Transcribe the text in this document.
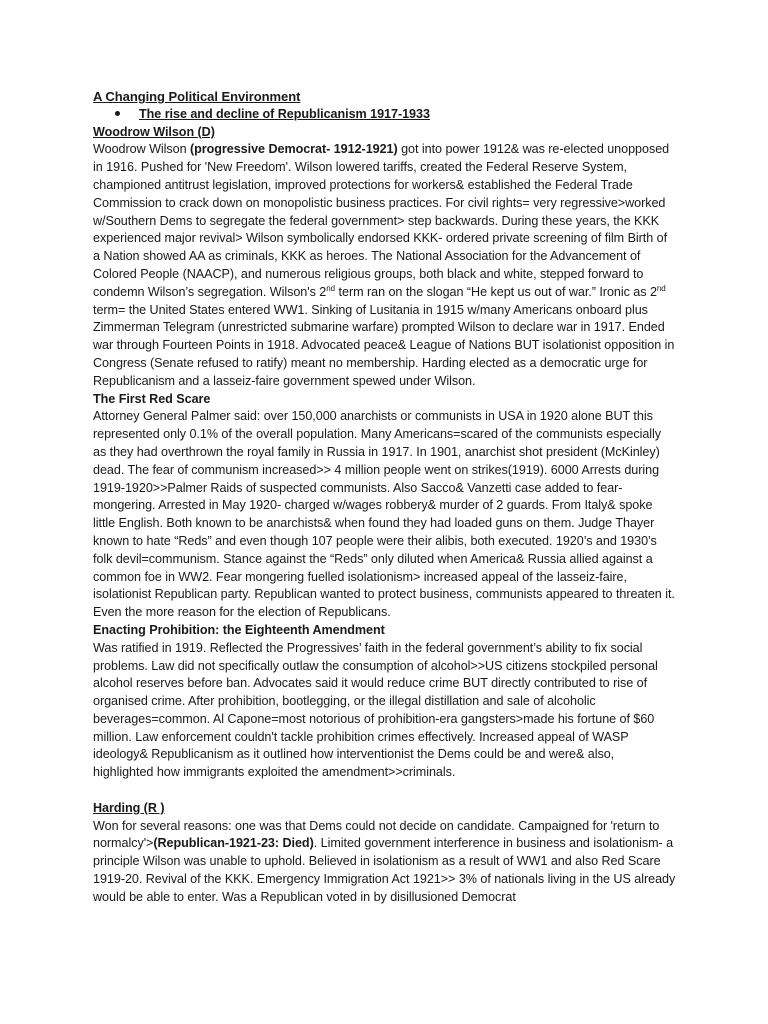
A Changing Political Environment
The rise and decline of Republicanism 1917-1933
Woodrow Wilson (D)

Woodrow Wilson (progressive Democrat- 1912-1921) got into power 1912& was re-elected unopposed in 1916. Pushed for 'New Freedom'. Wilson lowered tariffs, created the Federal Reserve System, championed antitrust legislation, improved protections for workers& established the Federal Trade Commission to crack down on monopolistic business practices. For civil rights= very regressive>worked w/Southern Dems to segregate the federal government> step backwards. During these years, the KKK experienced major revival> Wilson symbolically endorsed KKK- ordered private screening of film Birth of a Nation showed AA as criminals, KKK as heroes. The National Association for the Advancement of Colored People (NAACP), and numerous religious groups, both black and white, stepped forward to condemn Wilson’s segregation. Wilson's 2nd term ran on the slogan “He kept us out of war.” Ironic as 2nd term= the United States entered WW1. Sinking of Lusitania in 1915 w/many Americans onboard plus Zimmerman Telegram (unrestricted submarine warfare) prompted Wilson to declare war in 1917. Ended war through Fourteen Points in 1918. Advocated peace& League of Nations BUT isolationist opposition in Congress (Senate refused to ratify) meant no membership. Harding elected as a democratic urge for Republicanism and a lasseiz-faire government spewed under Wilson.

The First Red Scare

Attorney General Palmer said: over 150,000 anarchists or communists in USA in 1920 alone BUT this represented only 0.1% of the overall population. Many Americans=scared of the communists especially as they had overthrown the royal family in Russia in 1917. In 1901, anarchist shot president (McKinley) dead. The fear of communism increased>> 4 million people went on strikes(1919). 6000 Arrests during 1919-1920>>Palmer Raids of suspected communists. Also Sacco& Vanzetti case added to fear-mongering. Arrested in May 1920- charged w/wages robbery& murder of 2 guards. From Italy& spoke little English. Both known to be anarchists& when found they had loaded guns on them. Judge Thayer known to hate “Reds” and even though 107 people were their alibis, both executed. 1920’s and 1930’s folk devil=communism. Stance against the “Reds” only diluted when America& Russia allied against a common foe in WW2. Fear mongering fuelled isolationism> increased appeal of the lasseiz-faire, isolationist Republican party. Republican wanted to protect business, communists appeared to threaten it. Even the more reason for the election of Republicans.

Enacting Prohibition: the Eighteenth Amendment

Was ratified in 1919. Reflected the Progressives’ faith in the federal government’s ability to fix social problems. Law did not specifically outlaw the consumption of alcohol>>US citizens stockpiled personal alcohol reserves before ban. Advocates said it would reduce crime BUT directly contributed to rise of organised crime. After prohibition, bootlegging, or the illegal distillation and sale of alcoholic beverages=common. Al Capone=most notorious of prohibition-era gangsters>made his fortune of $60 million. Law enforcement couldn't tackle prohibition crimes effectively. Increased appeal of WASP ideology& Republicanism as it outlined how interventionist the Dems could be and were& also, highlighted how immigrants exploited the amendment>>criminals.

Harding (R )

Won for several reasons: one was that Dems could not decide on candidate. Campaigned for 'return to normalcy'>(Republican-1921-23: Died). Limited government interference in business and isolationism- a principle Wilson was unable to uphold. Believed in isolationism as a result of WW1 and also Red Scare 1919-20. Revival of the KKK. Emergency Immigration Act 1921>> 3% of nationals living in the US already would be able to enter. Was a Republican voted in by disillusioned Democrat
